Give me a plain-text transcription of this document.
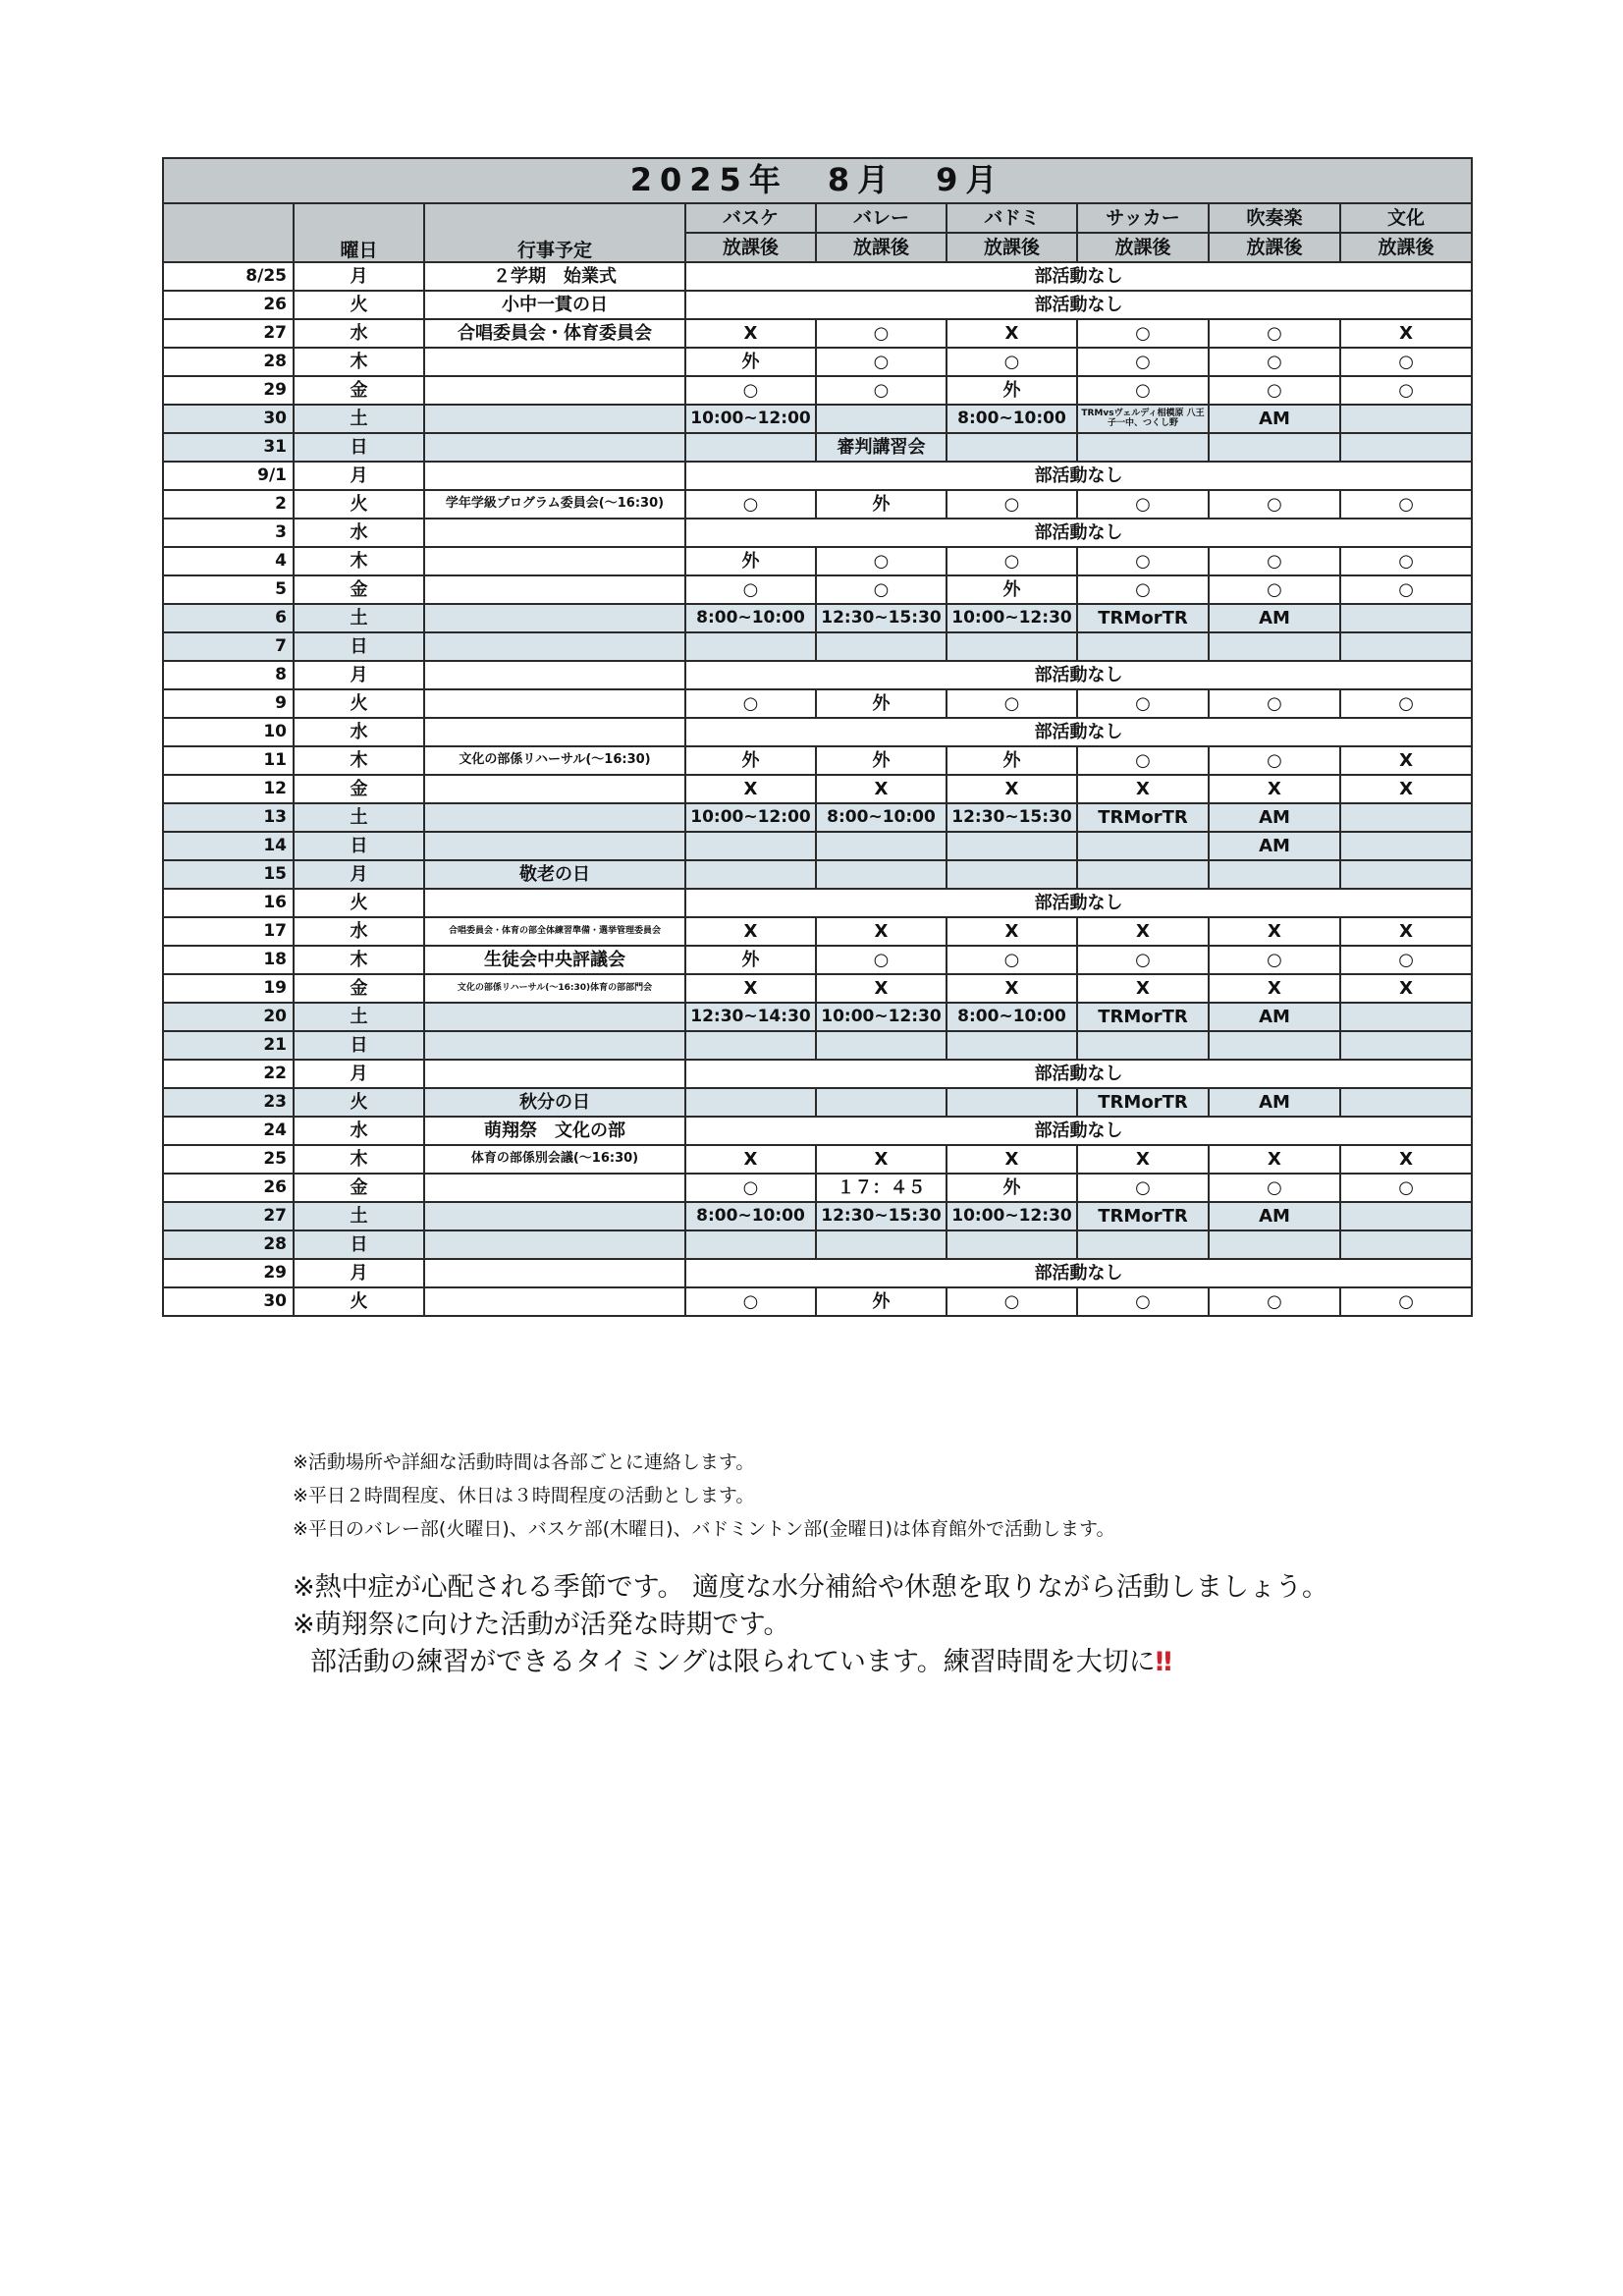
2025年　8月　9月								
	曜日	行事予定	バスケ	バレー	バドミ	サッカー	吹奏楽	文化
			放課後	放課後	放課後	放課後	放課後	放課後
8/25	月	２学期　始業式	部活動なし					
26	火	小中一貫の日	部活動なし					
27	水	合唱委員会・体育委員会	X	○	X	○	○	X
28	木		外	○	○	○	○	○
29	金		○	○	外	○	○	○
30	土		10:00~12:00		8:00~10:00	TRMvsヴェルディ相模原 八王子一中、つくし野	AM	
31	日			審判講習会				
9/1	月		部活動なし					
2	火	学年学級プログラム委員会(～16:30)	○	外	○	○	○	○
3	水		部活動なし					
4	木		外	○	○	○	○	○
5	金		○	○	外	○	○	○
6	土		8:00~10:00	12:30~15:30	10:00~12:30	TRMorTR	AM	
7	日							
8	月		部活動なし					
9	火		○	外	○	○	○	○
10	水		部活動なし					
11	木	文化の部係リハーサル(～16:30)	外	外	外	○	○	X
12	金		X	X	X	X	X	X
13	土		10:00~12:00	8:00~10:00	12:30~15:30	TRMorTR	AM	
14	日						AM	
15	月	敬老の日						
16	火		部活動なし					
17	水	合唱委員会・体育の部全体練習準備・選挙管理委員会	X	X	X	X	X	X
18	木	生徒会中央評議会	外	○	○	○	○	○
19	金	文化の部係リハーサル(～16:30)体育の部部門会	X	X	X	X	X	X
20	土		12:30~14:30	10:00~12:30	8:00~10:00	TRMorTR	AM	
21	日							
22	月		部活動なし					
23	火	秋分の日				TRMorTR	AM	
24	水	萌翔祭　文化の部	部活動なし					
25	木	体育の部係別会議(～16:30)	X	X	X	X	X	X
26	金		○	１７：４５	外	○	○	○
27	土		8:00~10:00	12:30~15:30	10:00~12:30	TRMorTR	AM	
28	日							
29	月		部活動なし					
30	火		○	外	○	○	○	○
※活動場所や詳細な活動時間は各部ごとに連絡します。
※平日２時間程度、休日は３時間程度の活動とします。
※平日のバレー部(火曜日)、バスケ部(木曜日)、バドミントン部(金曜日)は体育館外で活動します。
※熱中症が心配される季節です。 適度な水分補給や休憩を取りながら活動しましょう。
※萌翔祭に向けた活動が活発な時期です。
部活動の練習ができるタイミングは限られています。練習時間を大切に‼
